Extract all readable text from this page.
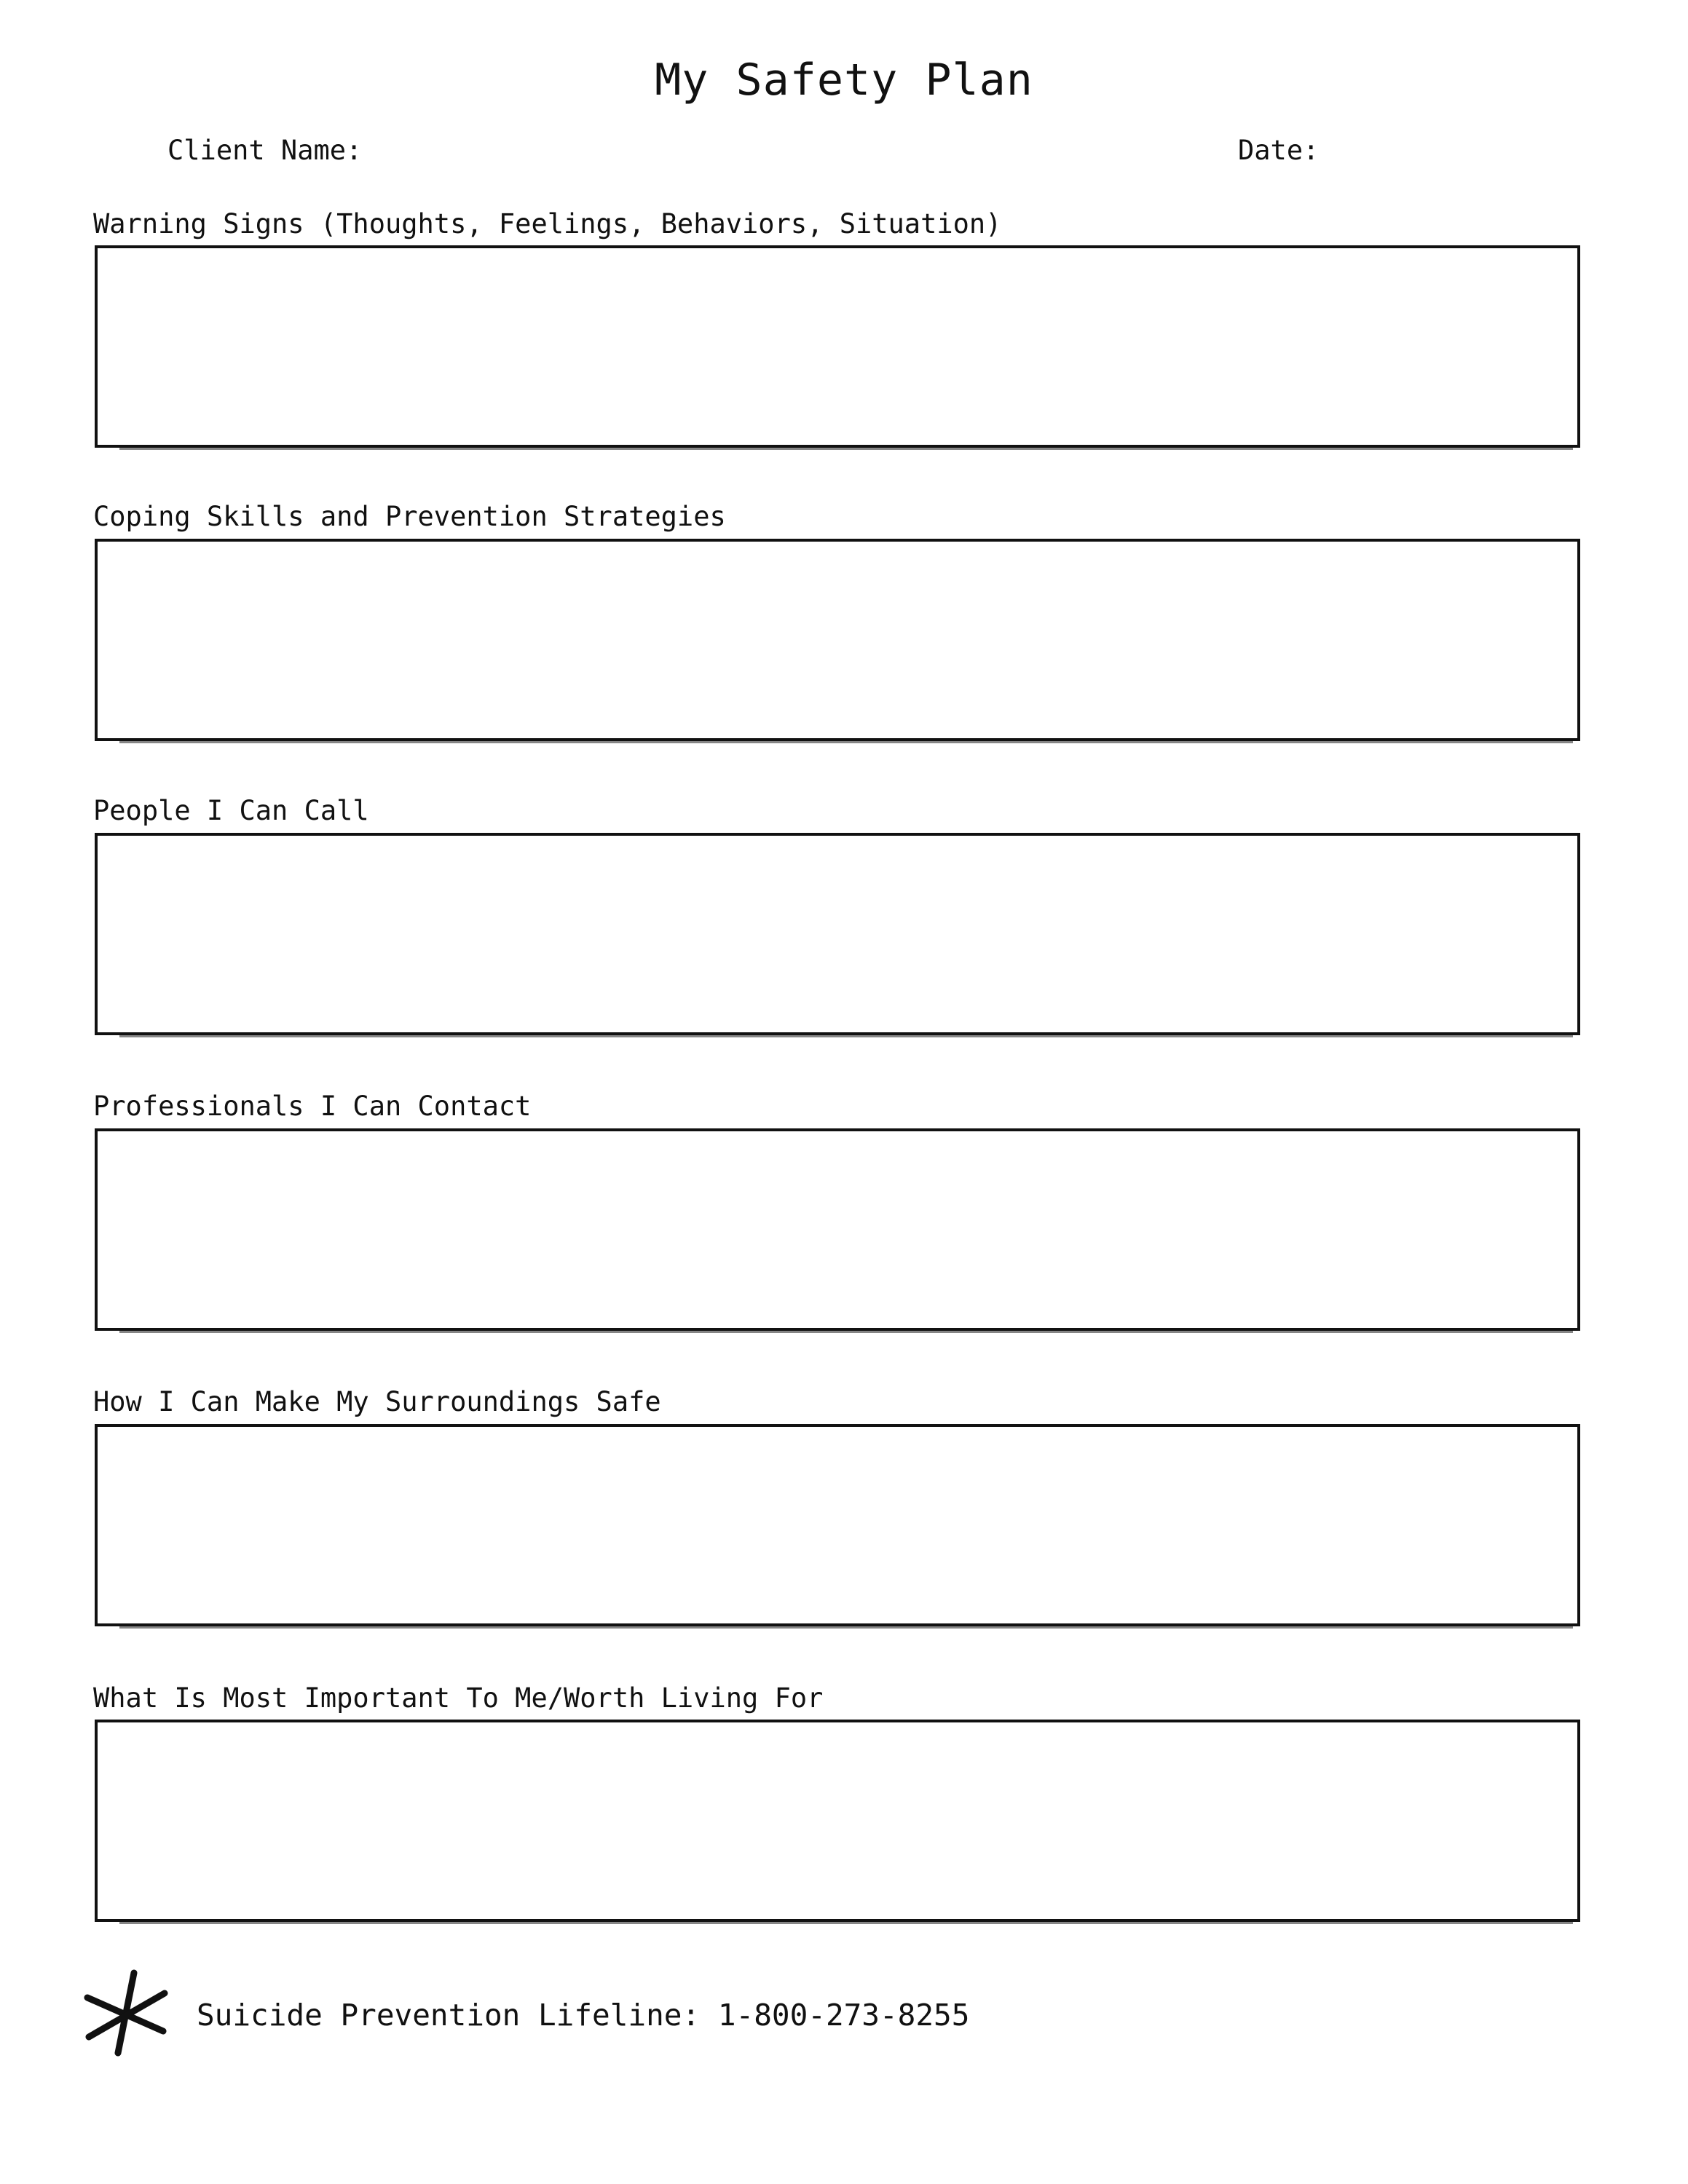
My Safety Plan
Client Name:	Date:
Warning Signs (Thoughts, Feelings, Behaviors, Situation)
Coping Skills and Prevention Strategies
People I Can Call
Professionals I Can Contact
How I Can Make My Surroundings Safe
What Is Most Important To Me/Worth Living For
Suicide Prevention Lifeline: 1-800-273-8255
